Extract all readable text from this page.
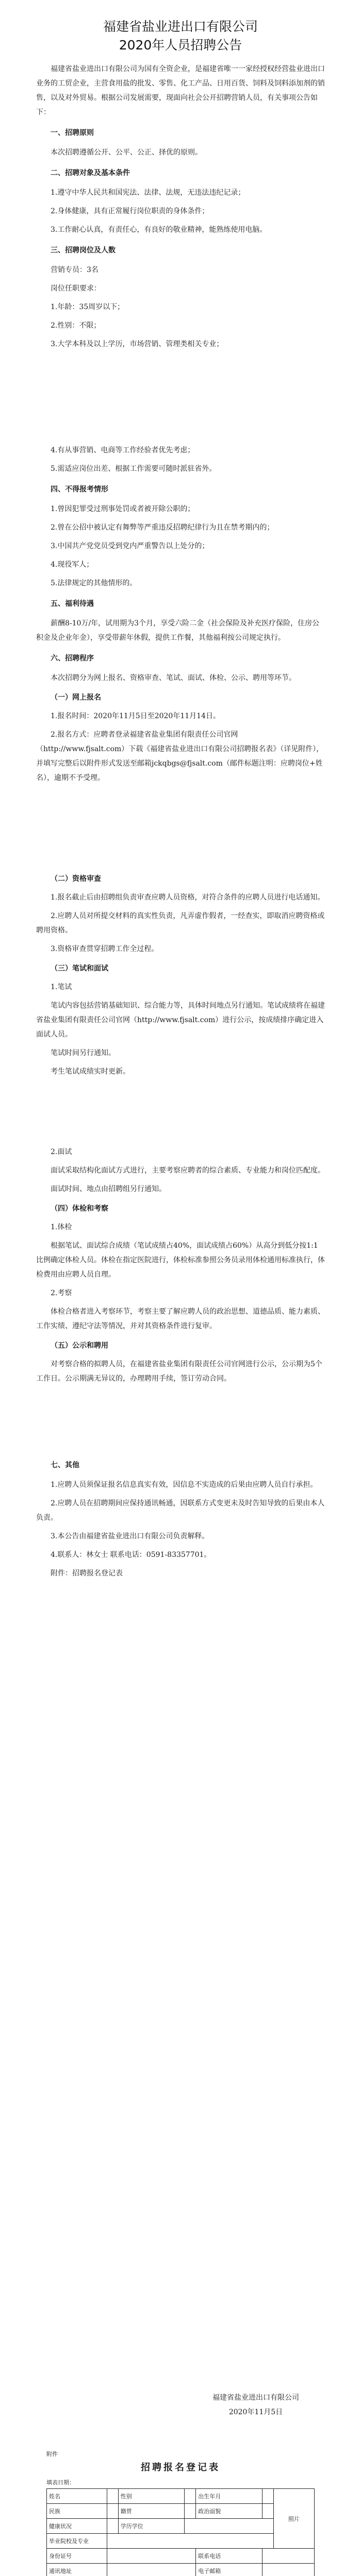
福建省盐业进出口有限公司
2020年人员招聘公告

福建省盐业进出口有限公司为国有全资企业，是福建省唯一一家经授权经营盐业进出口业务的工贸企业，主营食用盐的批发、零售、化工产品、日用百货、饲料及饲料添加剂的销售，以及对外贸易。根据公司发展需要，现面向社会公开招聘营销人员，有关事项公告如下：

一、招聘原则

本次招聘遵循公开、公平、公正、择优的原则。

二、招聘对象及基本条件

1.遵守中华人民共和国宪法、法律、法规，无违法违纪记录；

2.身体健康，具有正常履行岗位职责的身体条件；

3.工作耐心认真，有责任心，有良好的敬业精神，能熟练使用电脑。

三、招聘岗位及人数

营销专员：3名

岗位任职要求：

1.年龄：35周岁以下；

2.性别：不限；

3.大学本科及以上学历，市场营销、管理类相关专业；

4.有从事营销、电商等工作经验者优先考虑；

5.需适应岗位出差、根据工作需要可随时派驻省外。

四、不得报考情形

1.曾因犯罪受过刑事处罚或者被开除公职的；

2.曾在公招中被认定有舞弊等严重违反招聘纪律行为且在禁考期内的；

3.中国共产党党员受到党内严重警告以上处分的；

4.现役军人；

5.法律规定的其他情形的。

五、福利待遇

薪酬8-10万/年，试用期为3个月，享受六险二金（社会保险及补充医疗保险，住房公积金及企业年金），享受带薪年休假，提供工作餐，其他福利按公司规定执行。

六、招聘程序

本次招聘分为网上报名、资格审查、笔试、面试、体检、公示、聘用等环节。

（一）网上报名

1.报名时间：2020年11月5日至2020年11月14日。

2.报名方式：应聘者登录福建省盐业集团有限责任公司官网（http://www.fjsalt.com）下载《福建省盐业进出口有限公司招聘报名表》（详见附件），并填写完整后以附件形式发送至邮箱jckqbgs@fjsalt.com（邮件标题注明：应聘岗位+姓名），逾期不予受理。

（二）资格审查

1.报名截止后由招聘组负责审查应聘人员资格，对符合条件的应聘人员进行电话通知。

2.应聘人员对所提交材料的真实性负责，凡弄虚作假者，一经查实，即取消应聘资格或聘用资格。

3.资格审查贯穿招聘工作全过程。

（三）笔试和面试

1.笔试

笔试内容包括营销基础知识、综合能力等，具体时间地点另行通知。笔试成绩将在福建省盐业集团有限责任公司官网（http://www.fjsalt.com）进行公示，按成绩排序确定进入面试人员。

笔试时间另行通知。

考生笔试成绩实时更新。

2.面试

面试采取结构化面试方式进行，主要考察应聘者的综合素质、专业能力和岗位匹配度。

面试时间、地点由招聘组另行通知。

（四）体检和考察

1.体检

根据笔试、面试综合成绩（笔试成绩占40%，面试成绩占60%）从高分到低分按1:1比例确定体检人员。体检在指定医院进行，体检标准参照公务员录用体检通用标准执行，体检费用由应聘人员自理。

2.考察

体检合格者进入考察环节，考察主要了解应聘人员的政治思想、道德品质、能力素质、工作实绩、遵纪守法等情况，并对其资格条件进行复审。

（五）公示和聘用

对考察合格的拟聘人员，在福建省盐业集团有限责任公司官网进行公示，公示期为5个工作日。公示期满无异议的，办理聘用手续，签订劳动合同。

七、其他

1.应聘人员须保证报名信息真实有效，因信息不实造成的后果由应聘人员自行承担。

2.应聘人员在招聘期间应保持通讯畅通，因联系方式变更未及时告知导致的后果由本人负责。

3.本公告由福建省盐业进出口有限公司负责解释。

4.联系人：林女士 联系电话：0591-83357701。

附件：招聘报名登记表

福建省盐业进出口有限公司
2020年11月5日
附件
招聘报名登记表
填表日期：
姓名		性别		出生年月		照片
民族		籍贯		政治面貌		
健康状况		学历学位				
毕业院校及专业						
身份证号				联系电话		
通讯地址				电子邮箱		
